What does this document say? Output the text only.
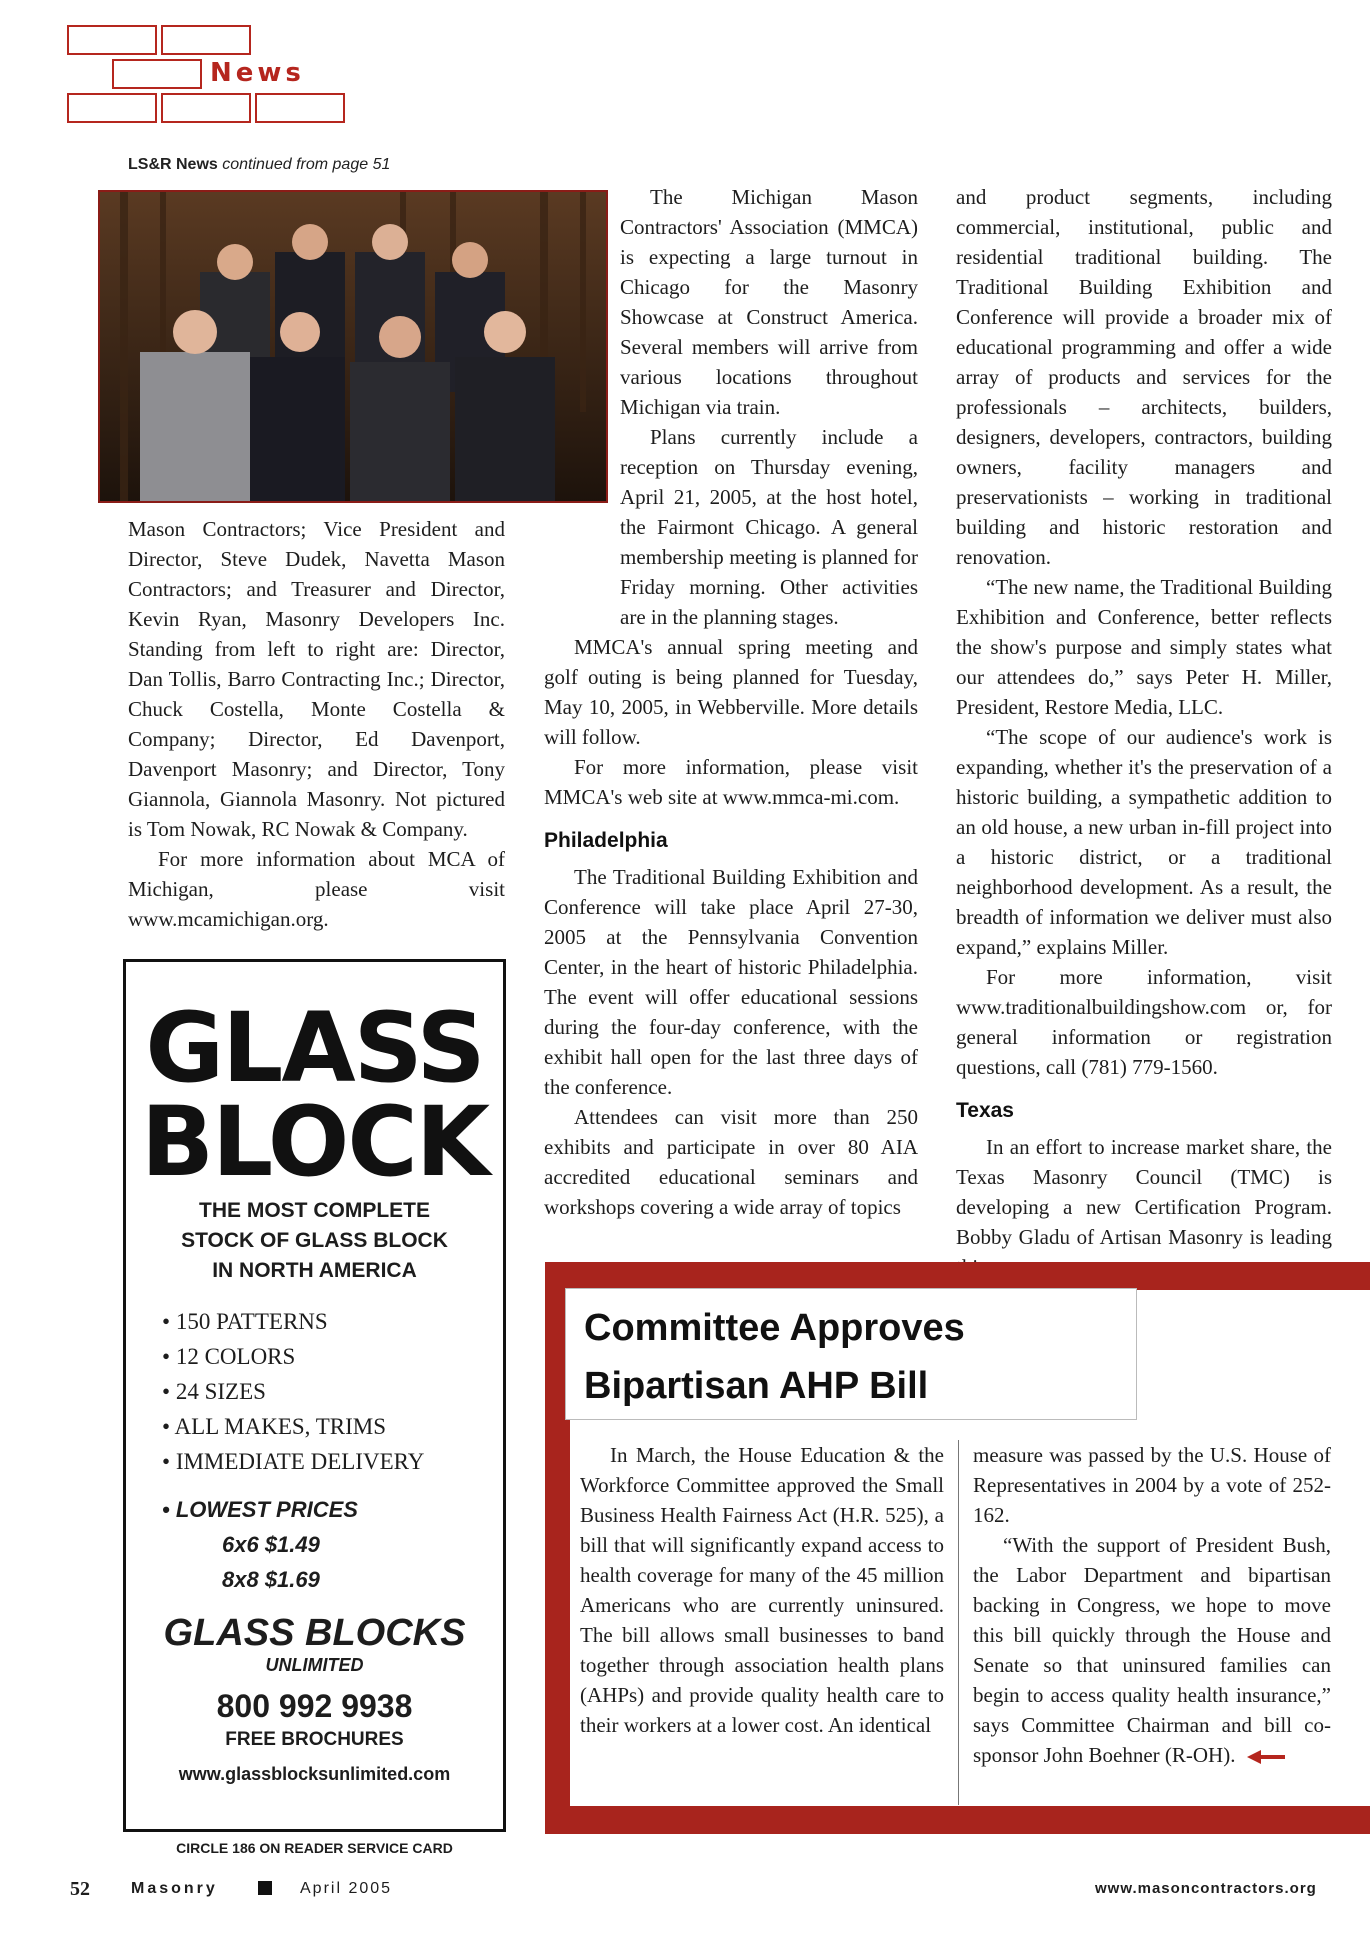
News
LS&R News continued from page 51

Mason Contractors; Vice President and Director, Steve Dudek, Navetta Mason Contractors; and Treasurer and Director, Kevin Ryan, Masonry Developers Inc. Standing from left to right are: Director, Dan Tollis, Barro Contracting Inc.; Director, Chuck Costella, Monte Costella & Company; Director, Ed Davenport, Davenport Masonry; and Director, Tony Giannola, Giannola Masonry. Not pictured is Tom Nowak, RC Nowak & Company.

For more information about MCA of Michigan, please visit www.mcamichigan.org.

The Michigan Mason Contractors' Association (MMCA) is expecting a large turnout in Chicago for the Masonry Showcase at Construct America. Several members will arrive from various locations throughout Michigan via train.

Plans currently include a reception on Thursday evening, April 21, 2005, at the host hotel, the Fairmont Chicago. A general membership meeting is planned for Friday morning. Other activities are in the planning stages.

MMCA's annual spring meeting and golf outing is being planned for Tuesday, May 10, 2005, in Webberville. More details will follow.

For more information, please visit MMCA's web site at www.mmca-mi.com.

Philadelphia

The Traditional Building Exhibition and Conference will take place April 27-30, 2005 at the Pennsylvania Convention Center, in the heart of historic Philadelphia. The event will offer educational sessions during the four-day conference, with the exhibit hall open for the last three days of the conference.

Attendees can visit more than 250 exhibits and participate in over 80 AIA accredited educational seminars and workshops covering a wide array of topics

and product segments, including commercial, institutional, public and residential traditional building. The Traditional Building Exhibition and Conference will provide a broader mix of educational programming and offer a wide array of products and services for the professionals – architects, builders, designers, developers, contractors, building owners, facility managers and preservationists – working in traditional building and historic restoration and renovation.

“The new name, the Traditional Building Exhibition and Conference, better reflects the show's purpose and simply states what our attendees do,” says Peter H. Miller, President, Restore Media, LLC.

“The scope of our audience's work is expanding, whether it's the preservation of a historic building, a sympathetic addition to an old house, a new urban in-fill project into a historic district, or a traditional neighborhood development. As a result, the breadth of information we deliver must also expand,” explains Miller.

For more information, visit www.traditionalbuildingshow.com or, for general information or registration questions, call (781) 779-1560.

Texas

In an effort to increase market share, the Texas Masonry Council (TMC) is developing a new Certification Program. Bobby Gladu of Artisan Masonry is leading

GLASS
BLOCK
THE MOST COMPLETE
STOCK OF GLASS BLOCK
IN NORTH AMERICA
• 150 PATTERNS
• 12 COLORS
• 24 SIZES
• ALL MAKES, TRIMS
• IMMEDIATE DELIVERY
• LOWEST PRICES
6x6 $1.49
8x8 $1.69
GLASS BLOCKS
UNLIMITED
800 992 9938
FREE BROCHURES
www.glassblocksunlimited.com
CIRCLE 186 ON READER SERVICE CARD
Committee Approves
Bipartisan AHP Bill

In March, the House Education & the Workforce Committee approved the Small Business Health Fairness Act (H.R. 525), a bill that will significantly expand access to health coverage for many of the 45 million Americans who are currently uninsured. The bill allows small businesses to band together through association health plans (AHPs) and provide quality health care to their workers at a lower cost. An identical

measure was passed by the U.S. House of Representatives in 2004 by a vote of 252-162.

“With the support of President Bush, the Labor Department and bipartisan backing in Congress, we hope to move this bill quickly through the House and Senate so that uninsured families can begin to access quality health insurance,” says Committee Chairman and bill co-sponsor John Boehner (R-OH).

52	Masonry	April 2005	www.masoncontractors.org
